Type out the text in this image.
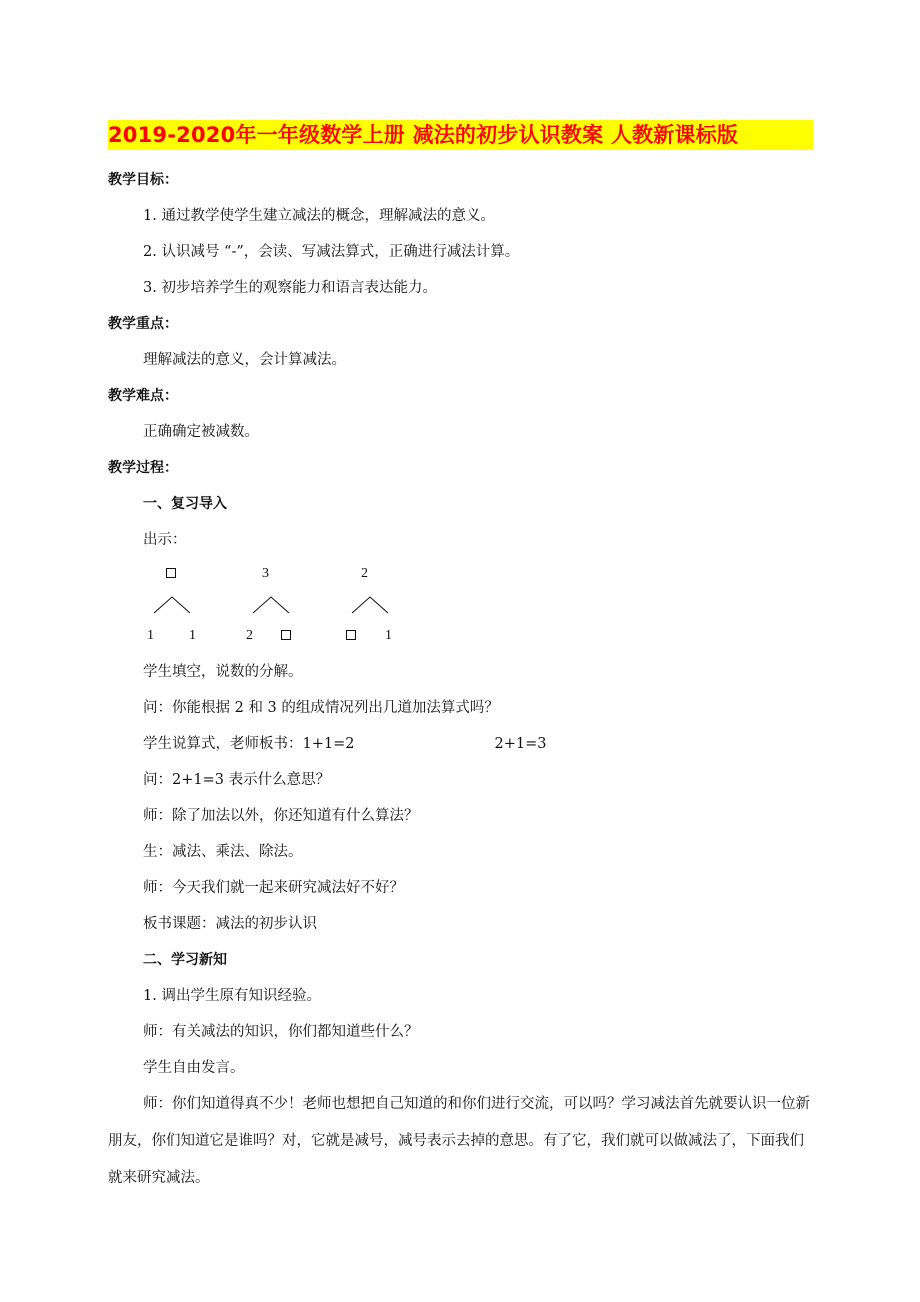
2019-2020年一年级数学上册 减法的初步认识教案 人教新课标版
教学目标：
1. 通过教学使学生建立减法的概念，理解减法的意义。
2. 认识减号 “-”，会读、写减法算式，正确进行减法计算。
3. 初步培养学生的观察能力和语言表达能力。
教学重点：
理解减法的意义，会计算减法。
教学难点：
正确确定被减数。
教学过程：
一、复习导入
出示：
1	1
3
2
2
1
学生填空，说数的分解。
问：你能根据 2 和 3 的组成情况列出几道加法算式吗？
学生说算式，老师板书：1+1=2	2+1=3
问：2+1=3 表示什么意思？
师：除了加法以外，你还知道有什么算法？
生：减法、乘法、除法。
师：今天我们就一起来研究减法好不好？
板书课题：减法的初步认识
二、学习新知
1. 调出学生原有知识经验。
师：有关减法的知识，你们都知道些什么？
学生自由发言。
师：你们知道得真不少！老师也想把自己知道的和你们进行交流，可以吗？学习减法首先就要认识一位新朋友，你们知道它是谁吗？对，它就是减号，减号表示去掉的意思。有了它，我们就可以做减法了，下面我们就来研究减法。
